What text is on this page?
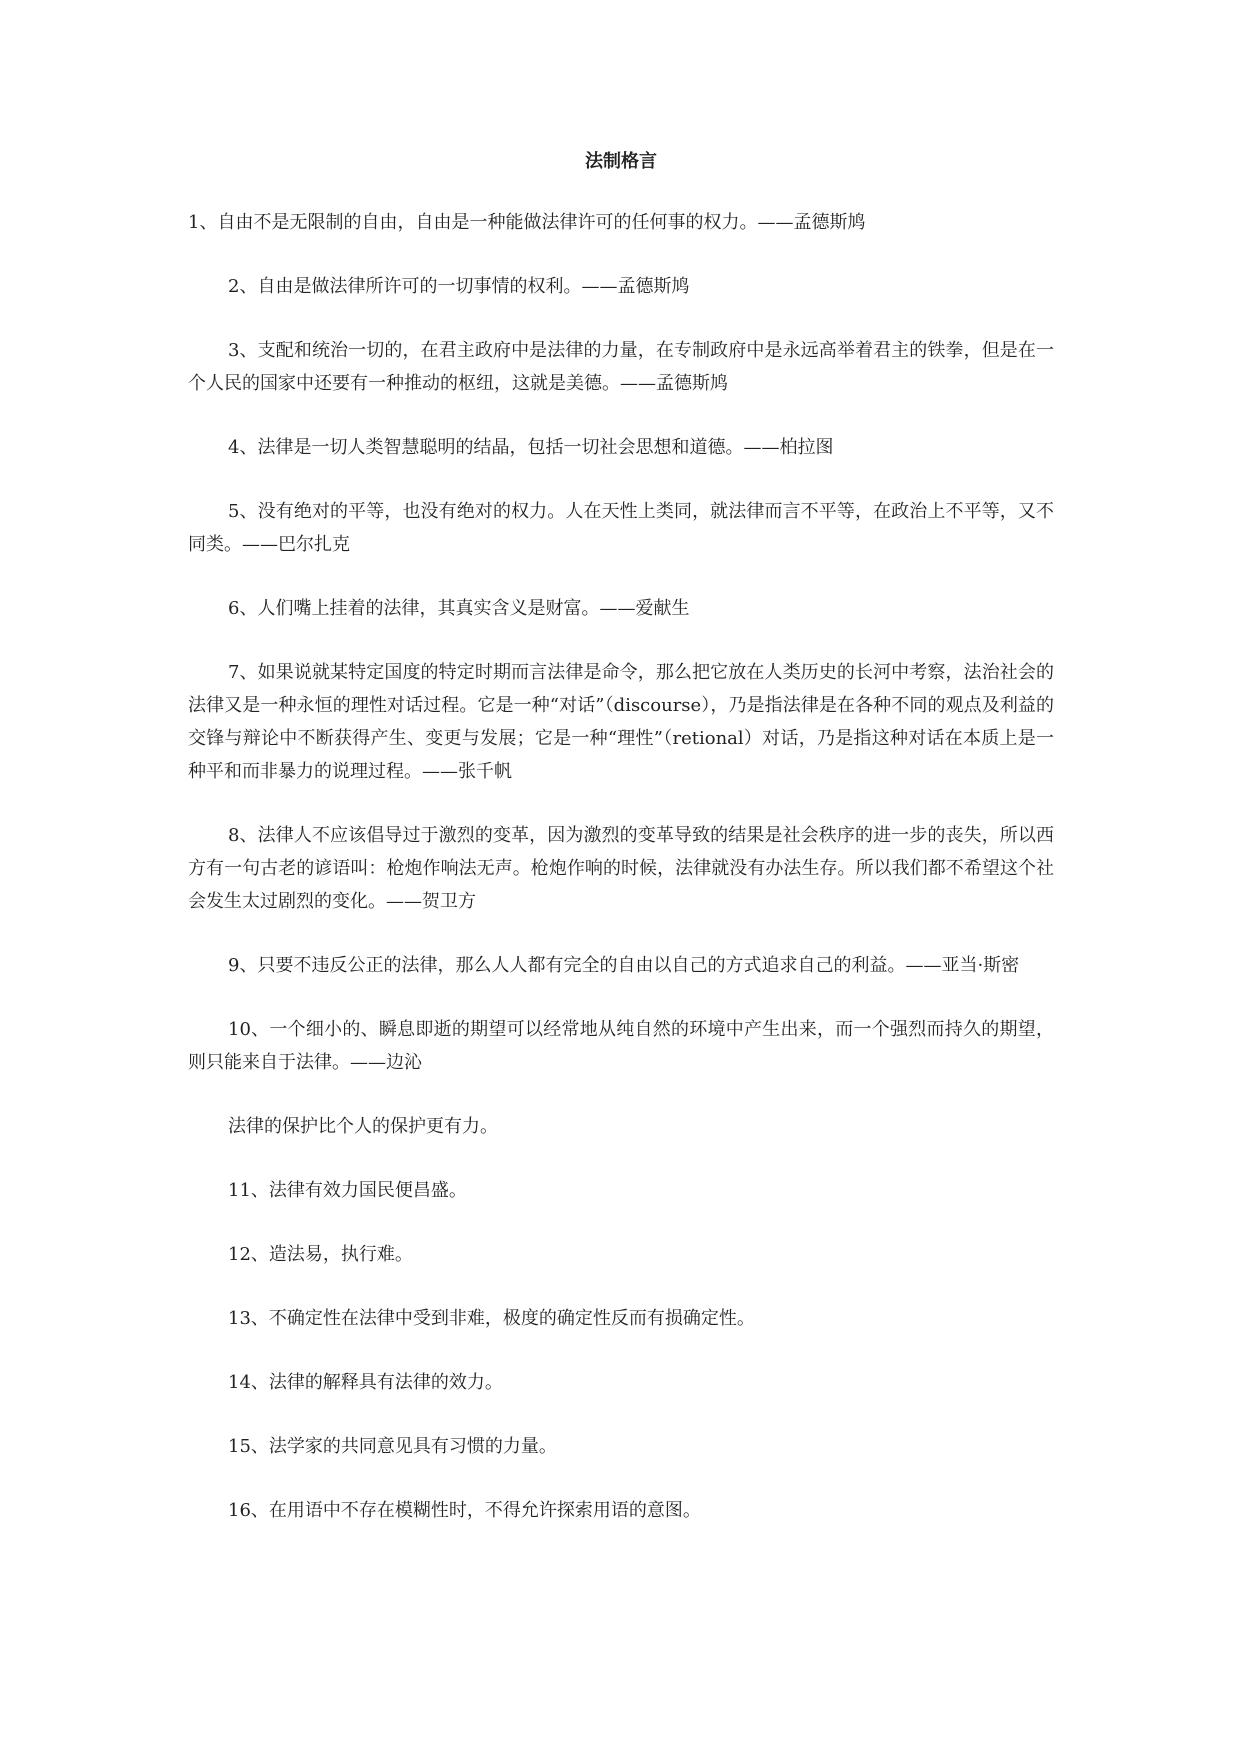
法制格言

1、自由不是无限制的自由，自由是一种能做法律许可的任何事的权力。——孟德斯鸠

2、自由是做法律所许可的一切事情的权利。——孟德斯鸠

3、支配和统治一切的，在君主政府中是法律的力量，在专制政府中是永远高举着君主的铁拳，但是在一个人民的国家中还要有一种推动的枢纽，这就是美德。——孟德斯鸠

4、法律是一切人类智慧聪明的结晶，包括一切社会思想和道德。——柏拉图

5、没有绝对的平等，也没有绝对的权力。人在天性上类同，就法律而言不平等，在政治上不平等，又不同类。——巴尔扎克

6、人们嘴上挂着的法律，其真实含义是财富。——爱献生

7、如果说就某特定国度的特定时期而言法律是命令，那么把它放在人类历史的长河中考察，法治社会的法律又是一种永恒的理性对话过程。它是一种“对话”（discourse），乃是指法律是在各种不同的观点及利益的交锋与辩论中不断获得产生、变更与发展；它是一种“理性”（retional）对话，乃是指这种对话在本质上是一种平和而非暴力的说理过程。——张千帆

8、法律人不应该倡导过于激烈的变革，因为激烈的变革导致的结果是社会秩序的进一步的丧失，所以西方有一句古老的谚语叫：枪炮作响法无声。枪炮作响的时候，法律就没有办法生存。所以我们都不希望这个社会发生太过剧烈的变化。——贺卫方

9、只要不违反公正的法律，那么人人都有完全的自由以自己的方式追求自己的利益。——亚当·斯密

10、一个细小的、瞬息即逝的期望可以经常地从纯自然的环境中产生出来，而一个强烈而持久的期望，则只能来自于法律。——边沁

法律的保护比个人的保护更有力。

11、法律有效力国民便昌盛。

12、造法易，执行难。

13、不确定性在法律中受到非难，极度的确定性反而有损确定性。

14、法律的解释具有法律的效力。

15、法学家的共同意见具有习惯的力量。

16、在用语中不存在模糊性时，不得允许探索用语的意图。
